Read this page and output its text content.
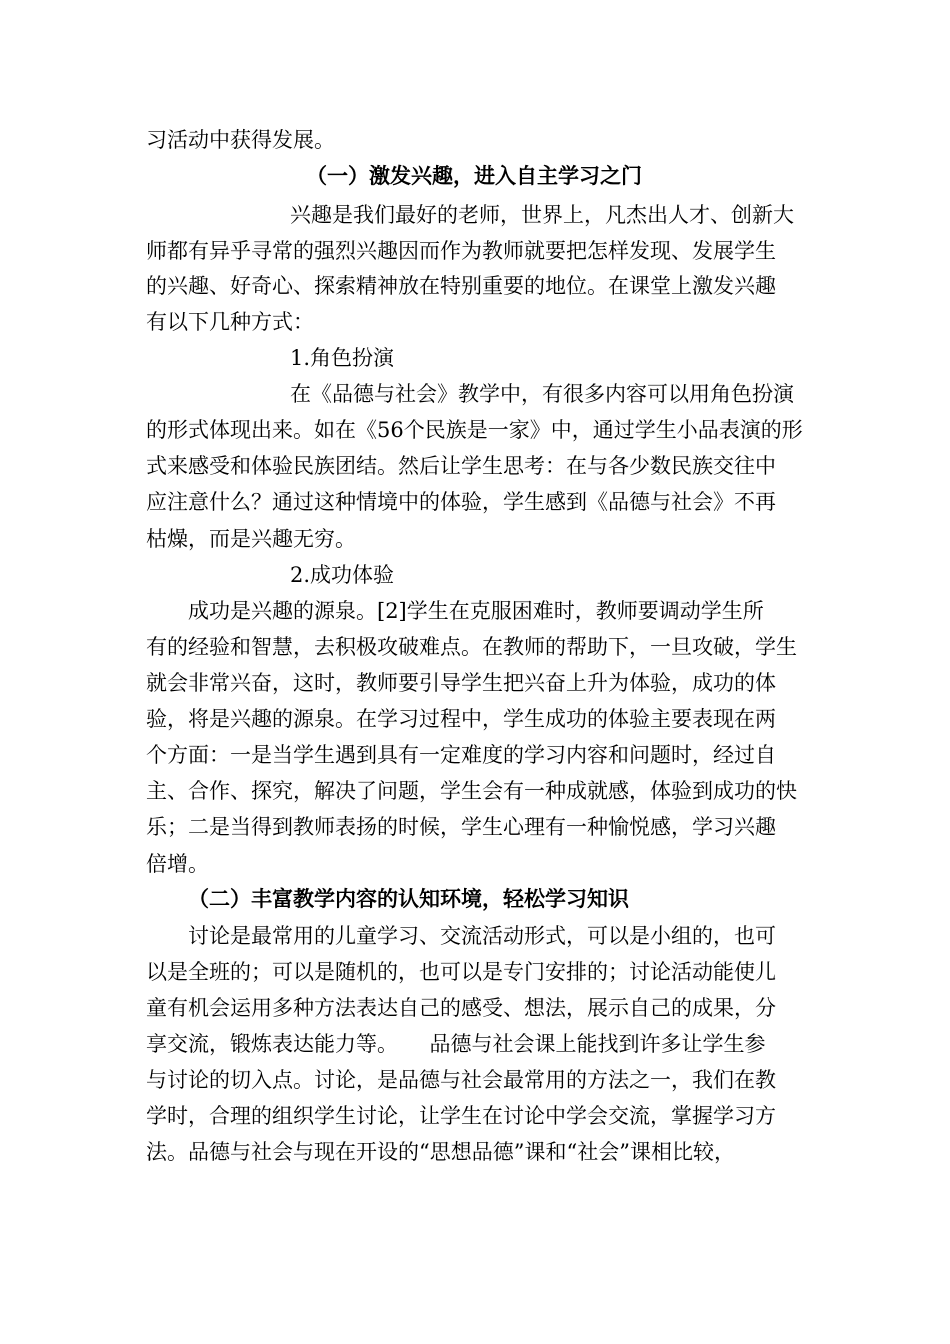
习活动中获得发展。
（一）激发兴趣，进入自主学习之门
兴趣是我们最好的老师，世界上，凡杰出人才、创新大
师都有异乎寻常的强烈兴趣因而作为教师就要把怎样发现、发展学生
的兴趣、好奇心、探索精神放在特别重要的地位。在课堂上激发兴趣
有以下几种方式：
1.角色扮演
在《品德与社会》教学中，有很多内容可以用角色扮演
的形式体现出来。如在《56个民族是一家》中，通过学生小品表演的形
式来感受和体验民族团结。然后让学生思考：在与各少数民族交往中
应注意什么？通过这种情境中的体验，学生感到《品德与社会》不再
枯燥，而是兴趣无穷。
2.成功体验
成功是兴趣的源泉。[2]学生在克服困难时，教师要调动学生所
有的经验和智慧，去积极攻破难点。在教师的帮助下，一旦攻破，学生
就会非常兴奋，这时，教师要引导学生把兴奋上升为体验，成功的体
验，将是兴趣的源泉。在学习过程中，学生成功的体验主要表现在两
个方面：一是当学生遇到具有一定难度的学习内容和问题时，经过自
主、合作、探究，解决了问题，学生会有一种成就感，体验到成功的快
乐；二是当得到教师表扬的时候，学生心理有一种愉悦感，学习兴趣
倍增。
（二）丰富教学内容的认知环境，轻松学习知识
讨论是最常用的儿童学习、交流活动形式，可以是小组的，也可
以是全班的；可以是随机的，也可以是专门安排的；讨论活动能使儿
童有机会运用多种方法表达自己的感受、想法，展示自己的成果，分
享交流，锻炼表达能力等。　　品德与社会课上能找到许多让学生参
与讨论的切入点。讨论，是品德与社会最常用的方法之一，我们在教
学时，合理的组织学生讨论，让学生在讨论中学会交流，掌握学习方
法。品德与社会与现在开设的“思想品德”课和“社会”课相比较，
